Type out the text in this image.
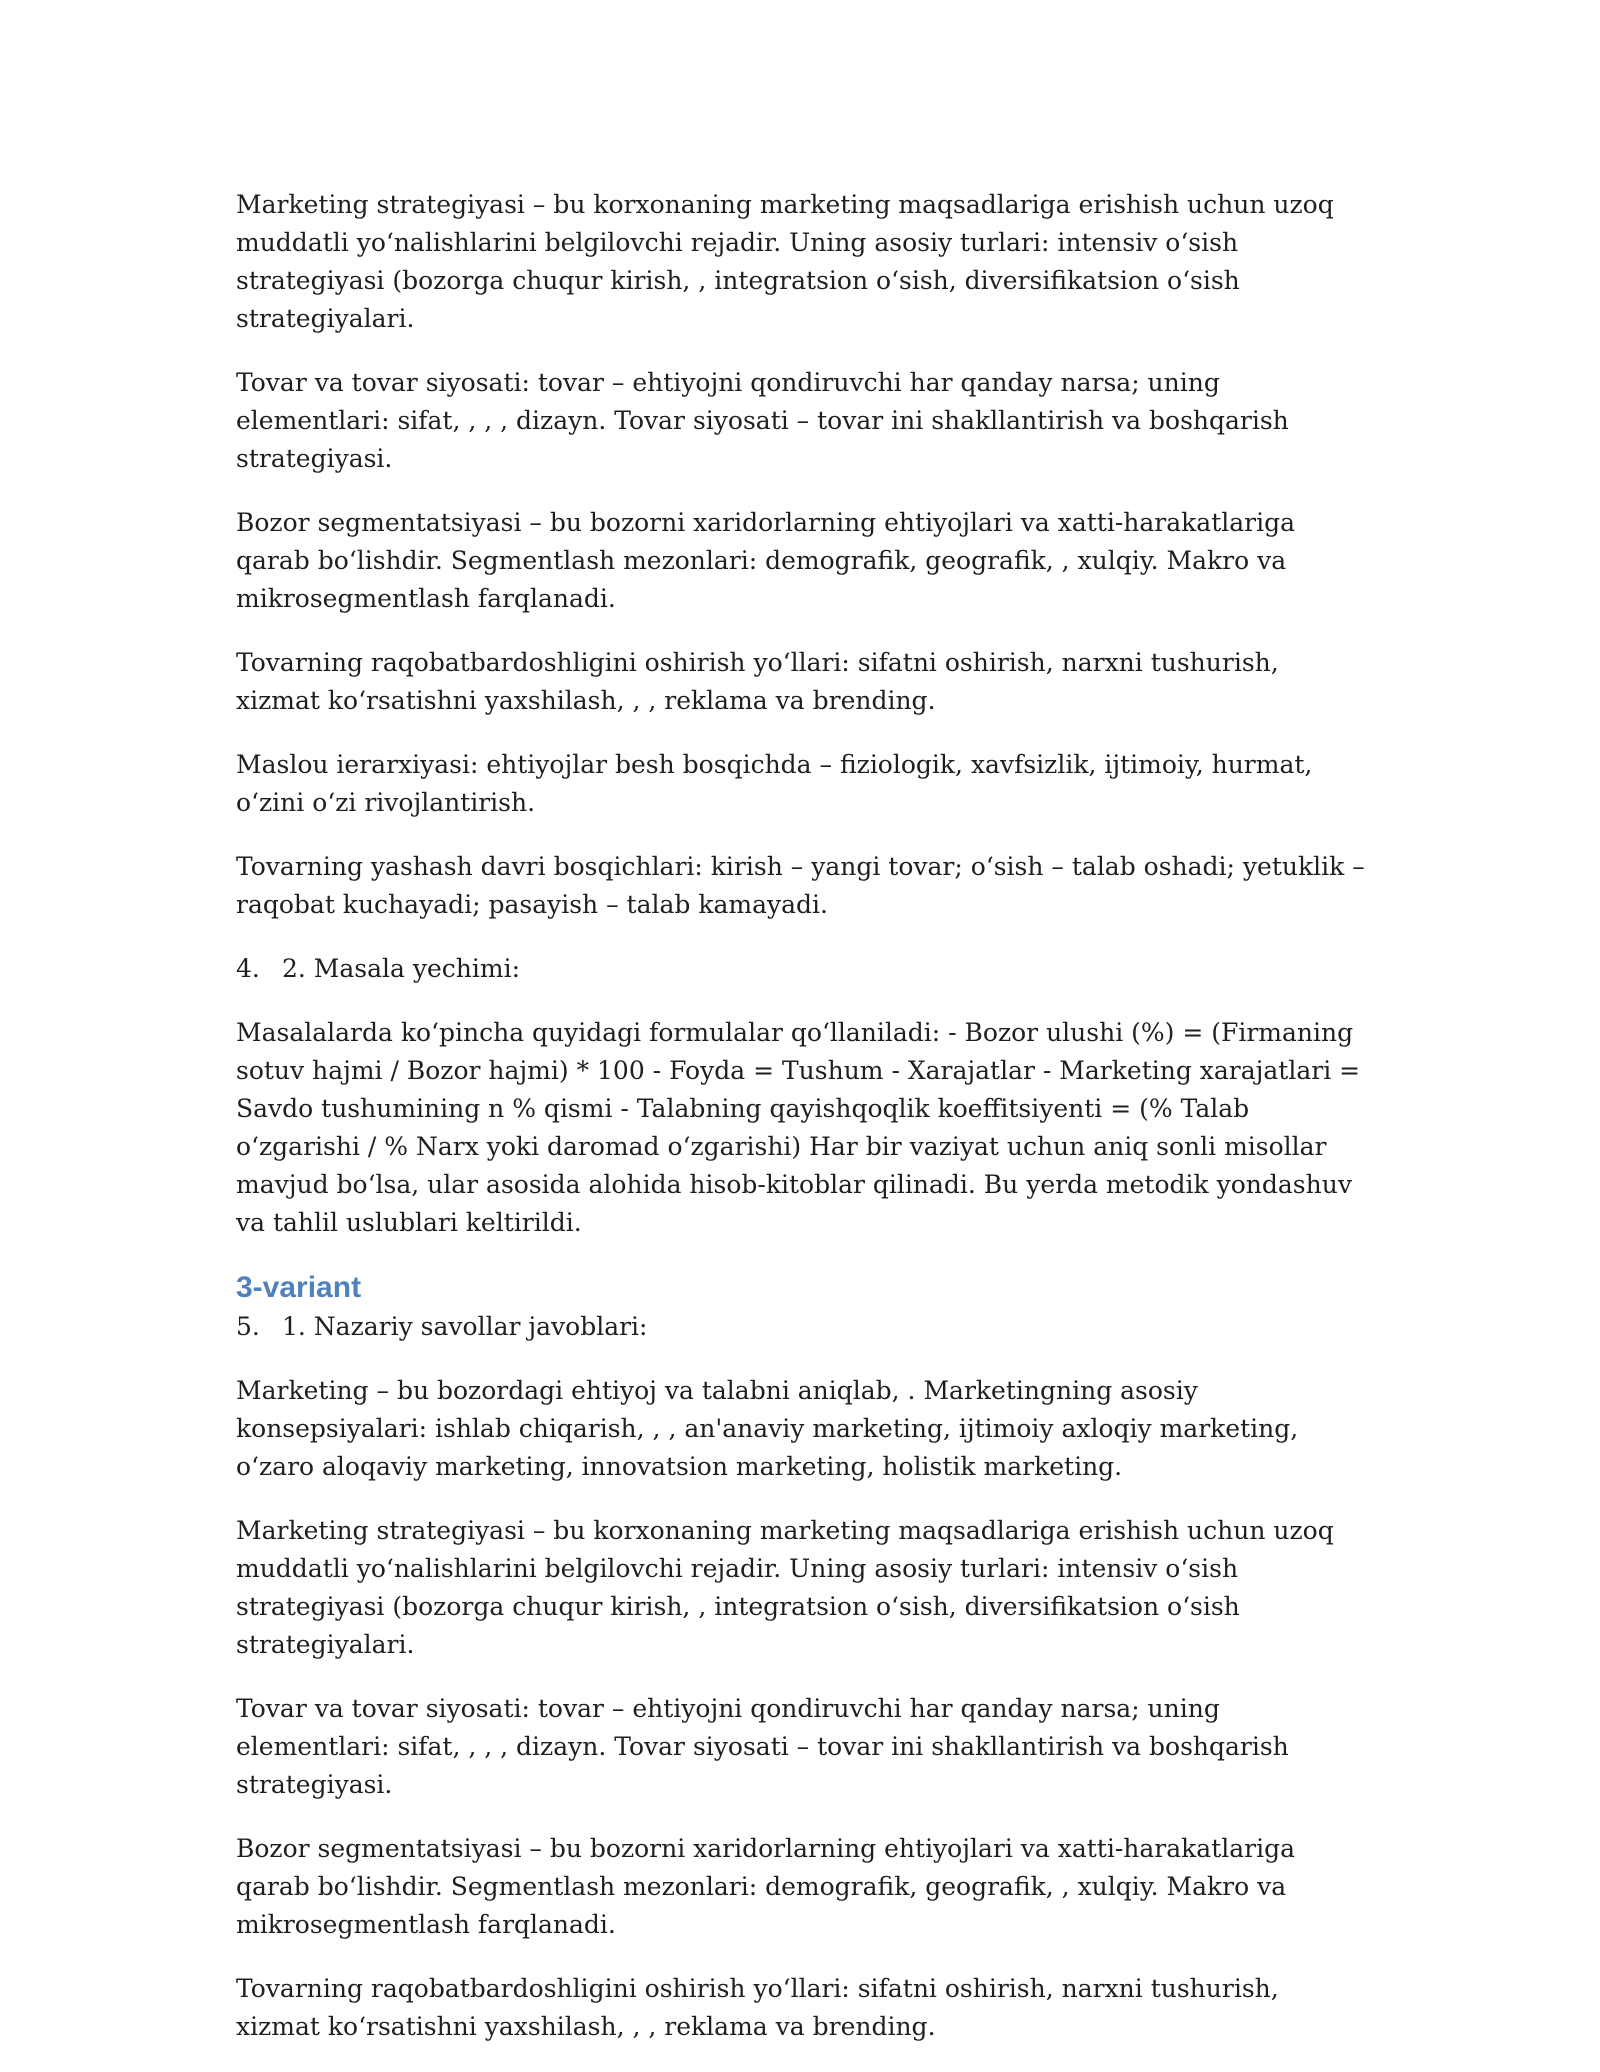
Marketing strategiyasi – bu korxonaning marketing maqsadlariga erishish uchun uzoq muddatli yoʻnalishlarini belgilovchi rejadir. Uning asosiy turlari: intensiv oʻsish strategiyasi (bozorga chuqur kirish, , integratsion oʻsish, diversifikatsion oʻsish strategiyalari.

Tovar va tovar siyosati: tovar – ehtiyojni qondiruvchi har qanday narsa; uning elementlari: sifat, , , , dizayn. Tovar siyosati – tovar ini shakllantirish va boshqarish strategiyasi.

Bozor segmentatsiyasi – bu bozorni xaridorlarning ehtiyojlari va xatti-harakatlariga qarab boʻlishdir. Segmentlash mezonlari: demografik, geografik, , xulqiy. Makro va mikrosegmentlash farqlanadi.

Tovarning raqobatbardoshligini oshirish yoʻllari: sifatni oshirish, narxni tushurish, xizmat koʻrsatishni yaxshilash, , , reklama va brending.

Maslou ierarxiyasi: ehtiyojlar besh bosqichda – fiziologik, xavfsizlik, ijtimoiy, hurmat, oʻzini oʻzi rivojlantirish.

Tovarning yashash davri bosqichlari: kirish – yangi tovar; oʻsish – talab oshadi; yetuklik – raqobat kuchayadi; pasayish – talab kamayadi.

4. 2. Masala yechimi:

Masalalarda koʻpincha quyidagi formulalar qoʻllaniladi: - Bozor ulushi (%) = (Firmaning sotuv hajmi / Bozor hajmi) * 100 - Foyda = Tushum - Xarajatlar - Marketing xarajatlari = Savdo tushumining n % qismi - Talabning qayishqoqlik koeffitsiyenti = (% Talab oʻzgarishi / % Narx yoki daromad oʻzgarishi) Har bir vaziyat uchun aniq sonli misollar mavjud boʻlsa, ular asosida alohida hisob-kitoblar qilinadi. Bu yerda metodik yondashuv va tahlil uslublari keltirildi.

3-variant
5. 1. Nazariy savollar javoblari:

Marketing – bu bozordagi ehtiyoj va talabni aniqlab, . Marketingning asosiy konsepsiyalari: ishlab chiqarish, , , an'anaviy marketing, ijtimoiy axloqiy marketing, oʻzaro aloqaviy marketing, innovatsion marketing, holistik marketing.

Marketing strategiyasi – bu korxonaning marketing maqsadlariga erishish uchun uzoq muddatli yoʻnalishlarini belgilovchi rejadir. Uning asosiy turlari: intensiv oʻsish strategiyasi (bozorga chuqur kirish, , integratsion oʻsish, diversifikatsion oʻsish strategiyalari.

Tovar va tovar siyosati: tovar – ehtiyojni qondiruvchi har qanday narsa; uning elementlari: sifat, , , , dizayn. Tovar siyosati – tovar ini shakllantirish va boshqarish strategiyasi.

Bozor segmentatsiyasi – bu bozorni xaridorlarning ehtiyojlari va xatti-harakatlariga qarab boʻlishdir. Segmentlash mezonlari: demografik, geografik, , xulqiy. Makro va mikrosegmentlash farqlanadi.

Tovarning raqobatbardoshligini oshirish yoʻllari: sifatni oshirish, narxni tushurish, xizmat koʻrsatishni yaxshilash, , , reklama va brending.
